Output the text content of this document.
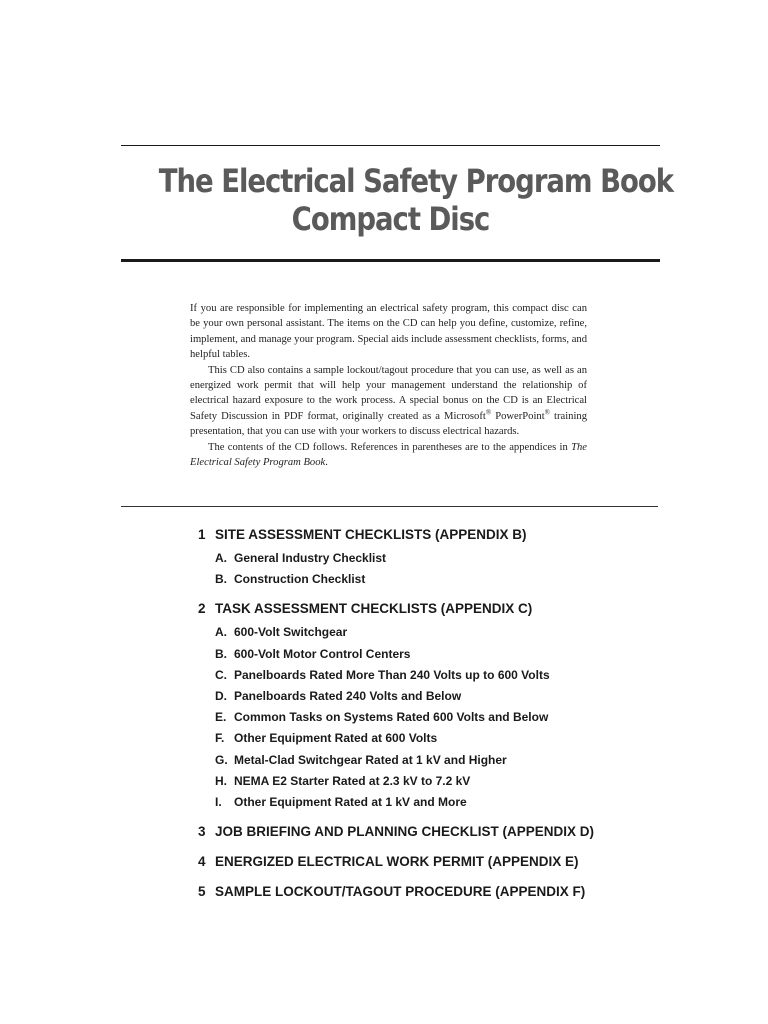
The Electrical Safety Program Book
Compact Disc

If you are responsible for implementing an electrical safety program, this compact disc can be your own personal assistant. The items on the CD can help you define, customize, refine, implement, and manage your program. Special aids include assessment checklists, forms, and helpful tables.

This CD also contains a sample lockout/tagout procedure that you can use, as well as an energized work permit that will help your management understand the relationship of electrical hazard exposure to the work process. A special bonus on the CD is an Electrical Safety Discussion in PDF format, originally created as a Microsoft® PowerPoint® training presentation, that you can use with your workers to discuss electrical hazards.

The contents of the CD follows. References in parentheses are to the appendices in The Electrical Safety Program Book.

1 SITE ASSESSMENT CHECKLISTS (APPENDIX B)
A. General Industry Checklist
B. Construction Checklist
2 TASK ASSESSMENT CHECKLISTS (APPENDIX C)
A. 600-Volt Switchgear
B. 600-Volt Motor Control Centers
C. Panelboards Rated More Than 240 Volts up to 600 Volts
D. Panelboards Rated 240 Volts and Below
E. Common Tasks on Systems Rated 600 Volts and Below
F. Other Equipment Rated at 600 Volts
G. Metal-Clad Switchgear Rated at 1 kV and Higher
H. NEMA E2 Starter Rated at 2.3 kV to 7.2 kV
I.	Other Equipment Rated at 1 kV and More
3 JOB BRIEFING AND PLANNING CHECKLIST (APPENDIX D)
4 ENERGIZED ELECTRICAL WORK PERMIT (APPENDIX E)
5 SAMPLE LOCKOUT/TAGOUT PROCEDURE (APPENDIX F)
